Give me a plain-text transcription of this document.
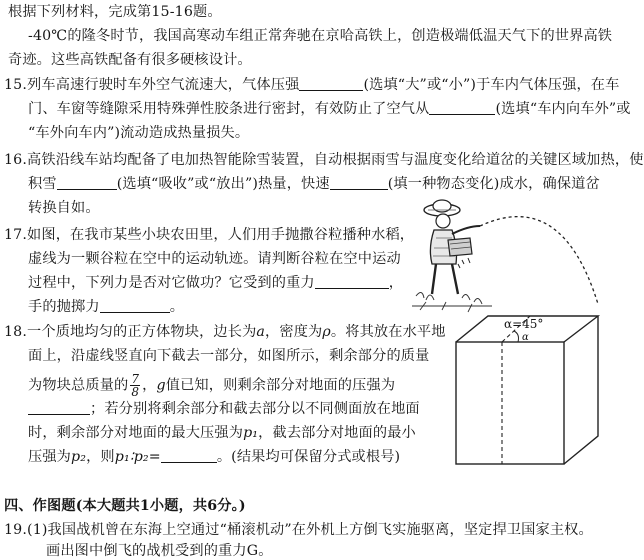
根据下列材料，完成第15-16题。
-40℃的隆冬时节，我国高寒动车组正常奔驰在京哈高铁上，创造极端低温天气下的世界高铁
奇迹。这些高铁配备有很多硬核设计。
15.列车高速行驶时车外空气流速大，气体压强	(选填“大”或“小”)于车内气体压强，在车
门、车窗等缝隙采用特殊弹性胶条进行密封，有效防止了空气从	(选填“车内向车外”或
“车外向车内”)流动造成热量损失。
16.高铁沿线车站均配备了电加热智能除雪装置，自动根据雨雪与温度变化给道岔的关键区域加热，使
积雪	(选填“吸收”或“放出”)热量，快速	(填一种物态变化)成水，确保道岔
转换自如。
17.如图，在我市某些小块农田里，人们用手抛撒谷粒播种水稻，
虚线为一颗谷粒在空中的运动轨迹。请判断谷粒在空中运动
过程中，下列力是否对它做功？它受到的重力	，
手的抛掷力	。
18.一个质地均匀的正方体物块，边长为a，密度为ρ。将其放在水平地
面上，沿虚线竖直向下截去一部分，如图所示，剩余部分的质量
为物块总质量的 $\frac{7}{8}$ ，g值已知，则剩余部分对地面的压强为
；若分别将剩余部分和截去部分以不同侧面放在地面
时，剩余部分对地面的最大压强为p₁，截去部分对地面的最小
压强为p₂，则p₁∶p₂=	。(结果均可保留分式或根号)
α=45°
α
四、作图题(本大题共1小题，共6分。)
19.(1)我国战机曾在东海上空通过“桶滚机动”在外机上方倒飞实施驱离，坚定捍卫国家主权。
画出图中倒飞的战机受到的重力G。
